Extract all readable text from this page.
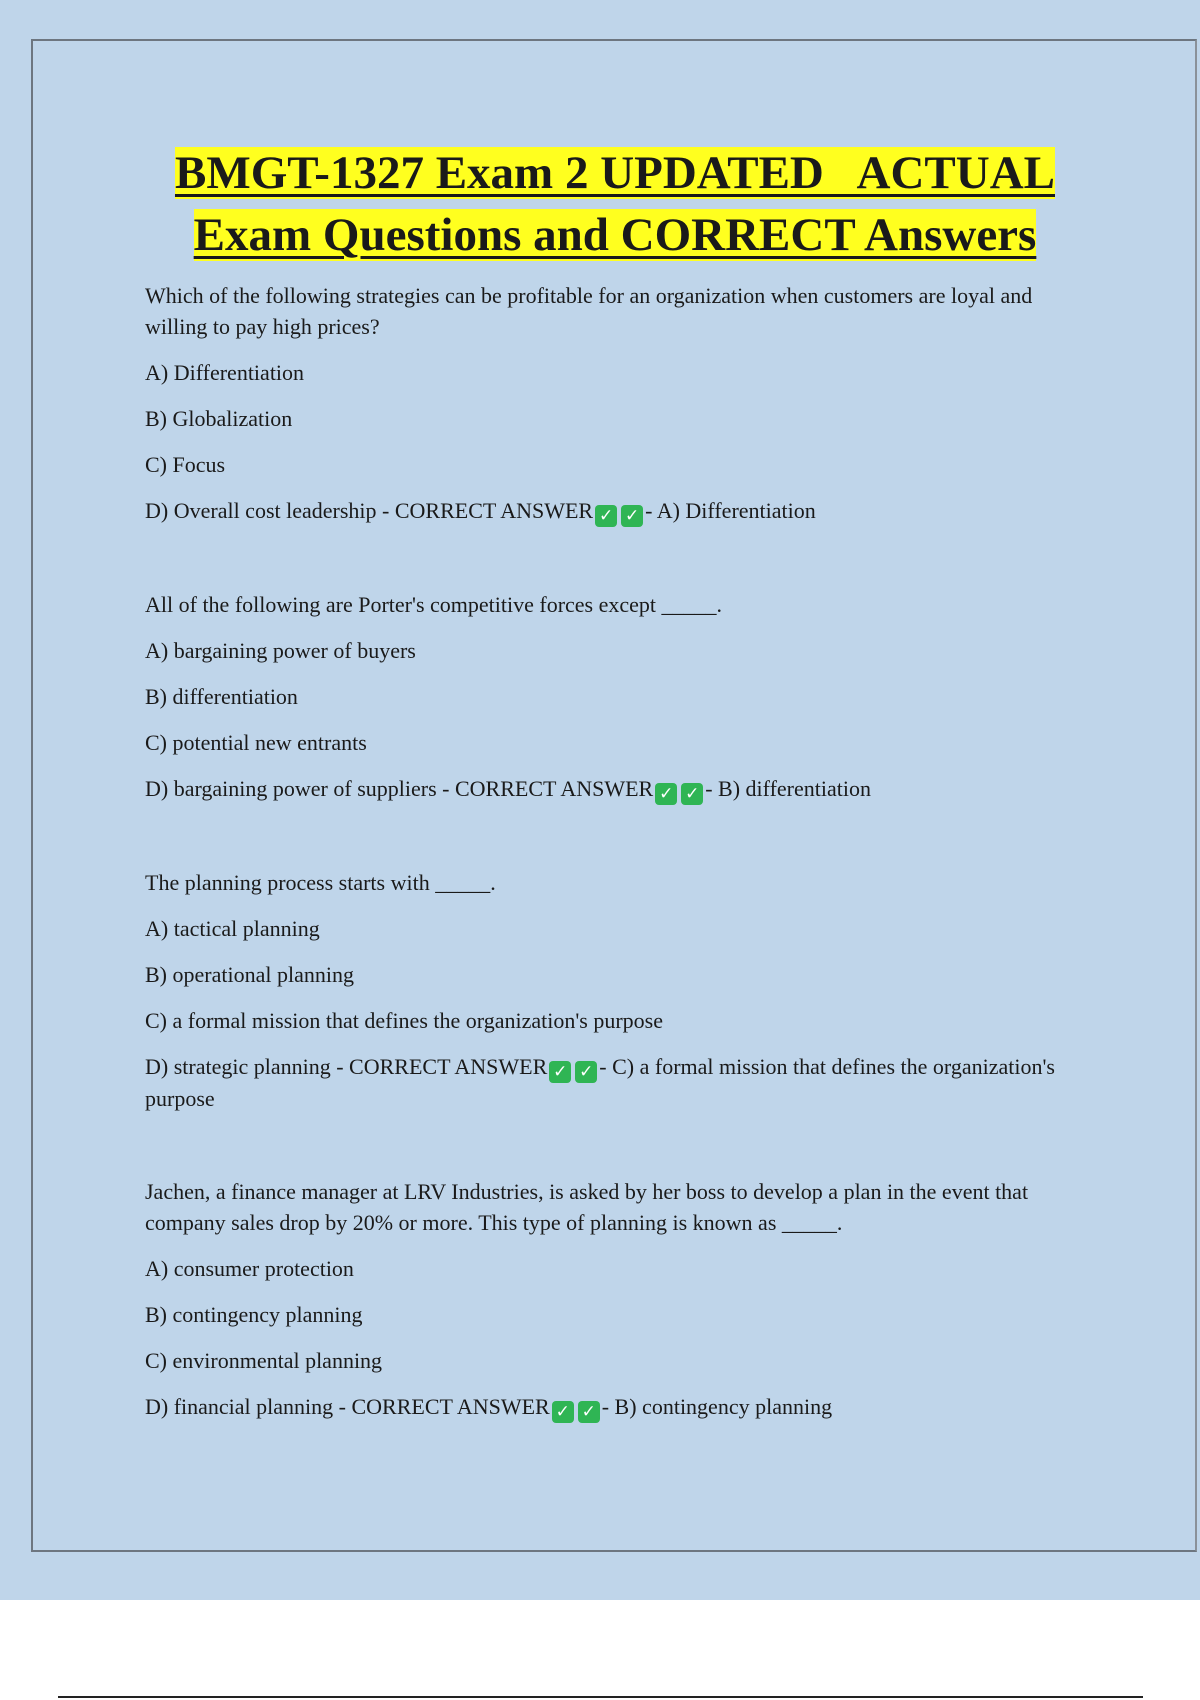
BMGT-1327 Exam 2 UPDATED   ACTUAL
Exam Questions and CORRECT Answers

Which of the following strategies can be profitable for an organization when customers are loyal and willing to pay high prices?

A) Differentiation

B) Globalization

C) Focus

D) Overall cost leadership - CORRECT ANSWER ✓ ✓ - A) Differentiation

All of the following are Porter's competitive forces except _____.

A) bargaining power of buyers

B) differentiation

C) potential new entrants

D) bargaining power of suppliers - CORRECT ANSWER ✓ ✓ - B) differentiation

The planning process starts with _____.

A) tactical planning

B) operational planning

C) a formal mission that defines the organization's purpose

D) strategic planning - CORRECT ANSWER ✓ ✓ - C) a formal mission that defines the organization's purpose

Jachen, a finance manager at LRV Industries, is asked by her boss to develop a plan in the event that company sales drop by 20% or more. This type of planning is known as _____.

A) consumer protection

B) contingency planning

C) environmental planning

D) financial planning - CORRECT ANSWER ✓ ✓ - B) contingency planning
